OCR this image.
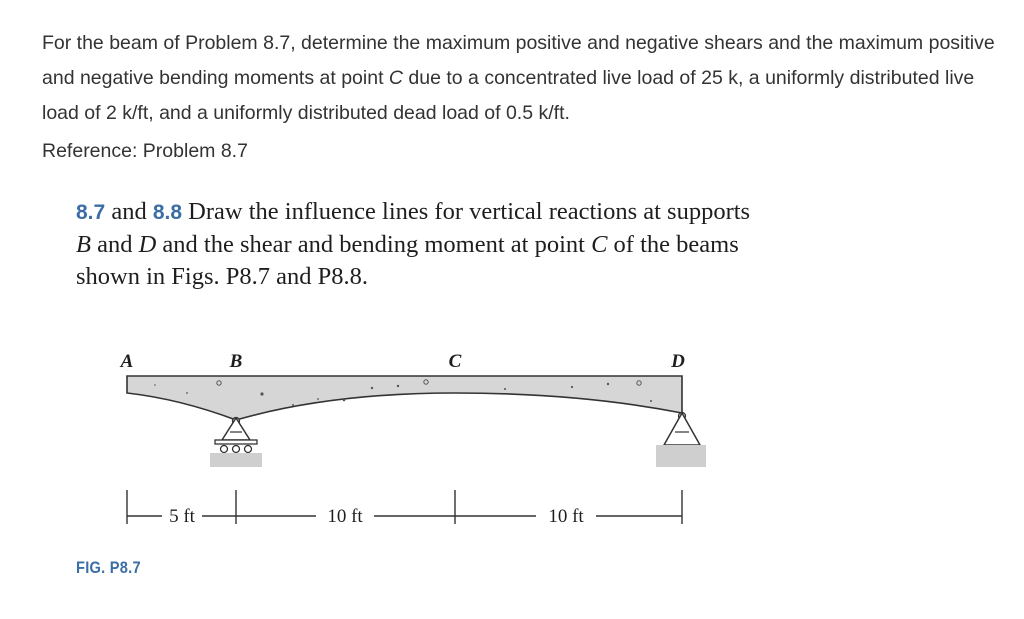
For the beam of Problem 8.7, determine the maximum positive and negative shears and the maximum positive and negative bending moments at point C due to a concentrated live load of 25 k, a uniformly distributed live load of 2 k/ft, and a uniformly distributed dead load of 0.5 k/ft.
Reference: Problem 8.7
8.7 and 8.8 Draw the influence lines for vertical reactions at supports B and D and the shear and bending moment at point C of the beams shown in Figs. P8.7 and P8.8.
A	B	C	D
5 ft	10 ft	10 ft
FIG. P8.7
